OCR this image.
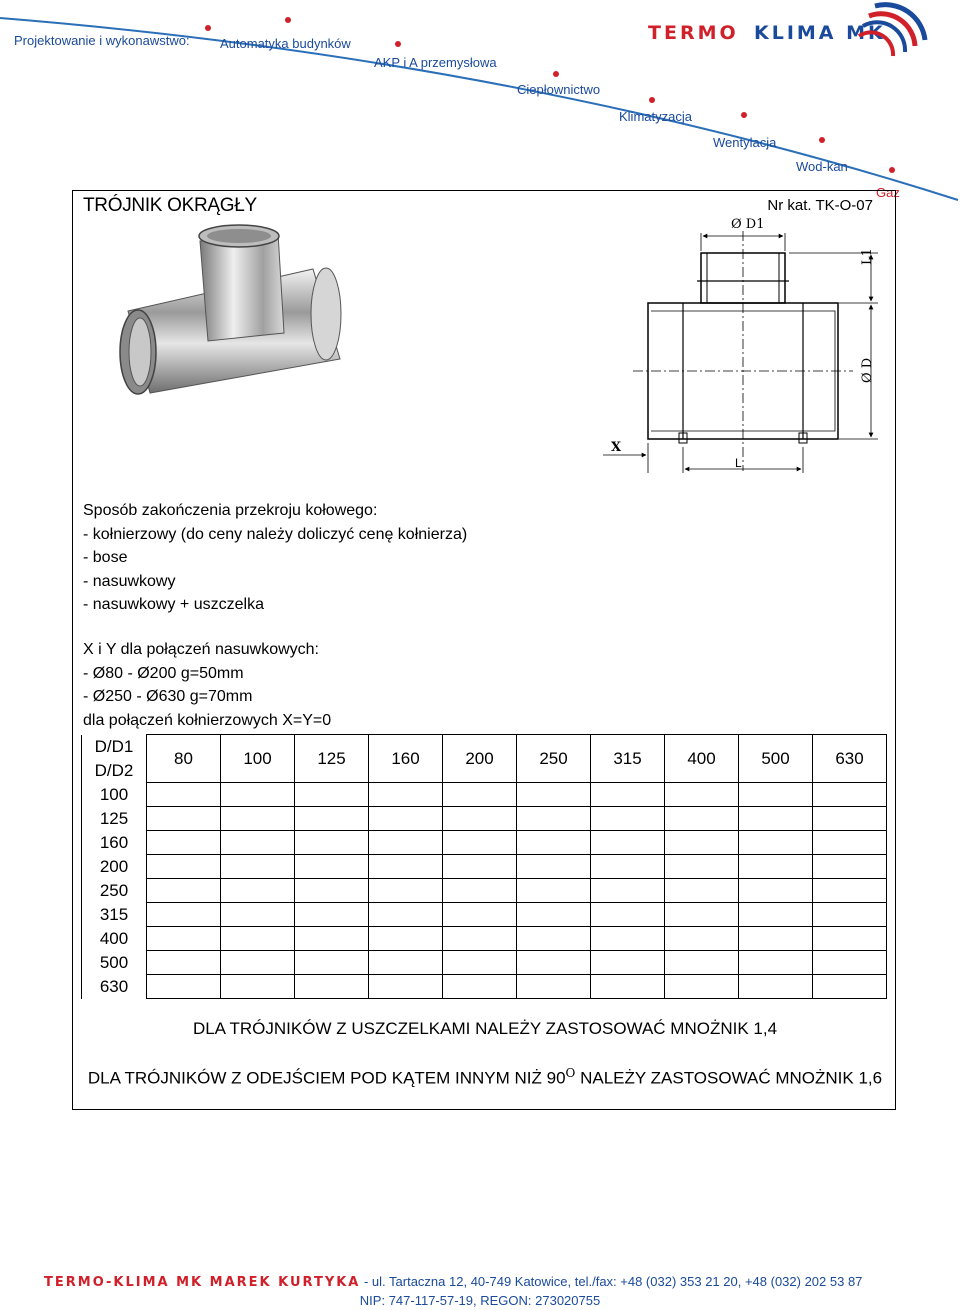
Projektowanie i wykonawstwo: Automatyka budynków
AKP i A przemysłowa
Ciepłownictwo
Klimatyzacja
Wentylacja
Wod-kan
Gaz
TERMO KLIMA MK
TRÓJNIK OKRĄGŁY	Nr kat. TK-O-07
Ø D1
L1
Ø D
X
L
Sposób zakończenia przekroju kołowego:
- kołnierzowy (do ceny należy doliczyć cenę kołnierza)
- bose
- nasuwkowy
- nasuwkowy + uszczelka
X i Y dla połączeń nasuwkowych:
- Ø80 - Ø200 g=50mm
- Ø250 - Ø630 g=70mm
dla połączeń kołnierzowych X=Y=0
D/D1
D/D2	80	100	125	160	200	250	315	400	500	630
100										
125										
160										
200										
250										
315										
400										
500										
630										
DLA TRÓJNIKÓW Z USZCZELKAMI NALEŻY ZASTOSOWAĆ MNOŻNIK 1,4
DLA TRÓJNIKÓW Z ODEJŚCIEM POD KĄTEM INNYM NIŻ $90^O$ NALEŻY ZASTOSOWAĆ MNOŻNIK 1,6
TERMO-KLIMA MK MAREK KURTYKA - ul. Tartaczna 12, 40-749 Katowice, tel./fax: +48 (032) 353 21 20, +48 (032) 202 53 87
NIP: 747-117-57-19, REGON: 273020755
